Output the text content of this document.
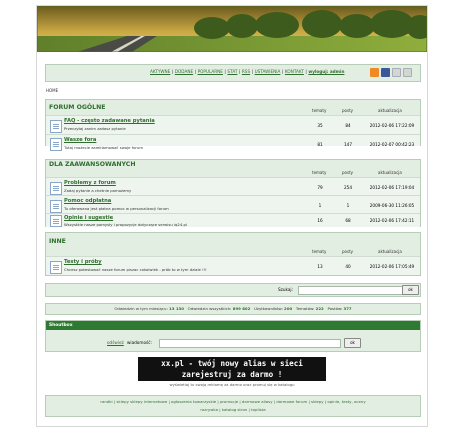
AKTYWNE | DODANE | POPULARNE | STAT | RSS | USTAWIENIA | KONTAKT | wyloguj: admin
HOME
FORUM OGÓLNE	tematy	posty	aktualizacja
FAQ - często zadawane pytania
Przeczytaj zanim zadasz pytanie
35	84	2012-02-06 17:22:09
Wasze fora
Tutaj możecie zareklamować swoje forum
81	147	2012-02-07 00:42:23
DLA ZAAWANSOWANYCH
tematy	posty	aktualizacja
Problemy z forum
Zadaj pytanie a chetnie pomożemy
79	254	2012-02-06 17:19:04
Pomoc odpłatna
Tu oferowana jest płatna pomoc w personalizacji forum
1	1	2009-06-30 11:26:05
Opinie i sugestie
Wszystkie nasze pomysły i propozycje dotyczące serwisu iq24.pl
16	68	2012-02-06 17:42:11
INNE
tematy	posty	aktualizacja
Testy i próby
Chcesz potestować nasze forum piszac cokolwiek - prób to w tym dziale !!!
13	40	2012-02-06 17:05:49
Szukaj:	ok
Odwiedzin w tym miesiącu: 13 130 Odwiedzin wszystkich: 899 802 Użytkowników: 200 Tematów: 222 Postów: 377
Shoutbox
odśwież wiadomość:	ok
xx.pl - twój nowy alias w sieci
zarejestruj za darmo !
wyświetlaj tu swoją reklamę za darmo oraz promuj się w katalogu
randki | sklepy sklepy internetowe | ogłoszenia towarzyskie | promocje | darmowe aliasy | darmowe forum | sklepy | opinie, testy, oceny
rozrywka | katalog stron | toplista
